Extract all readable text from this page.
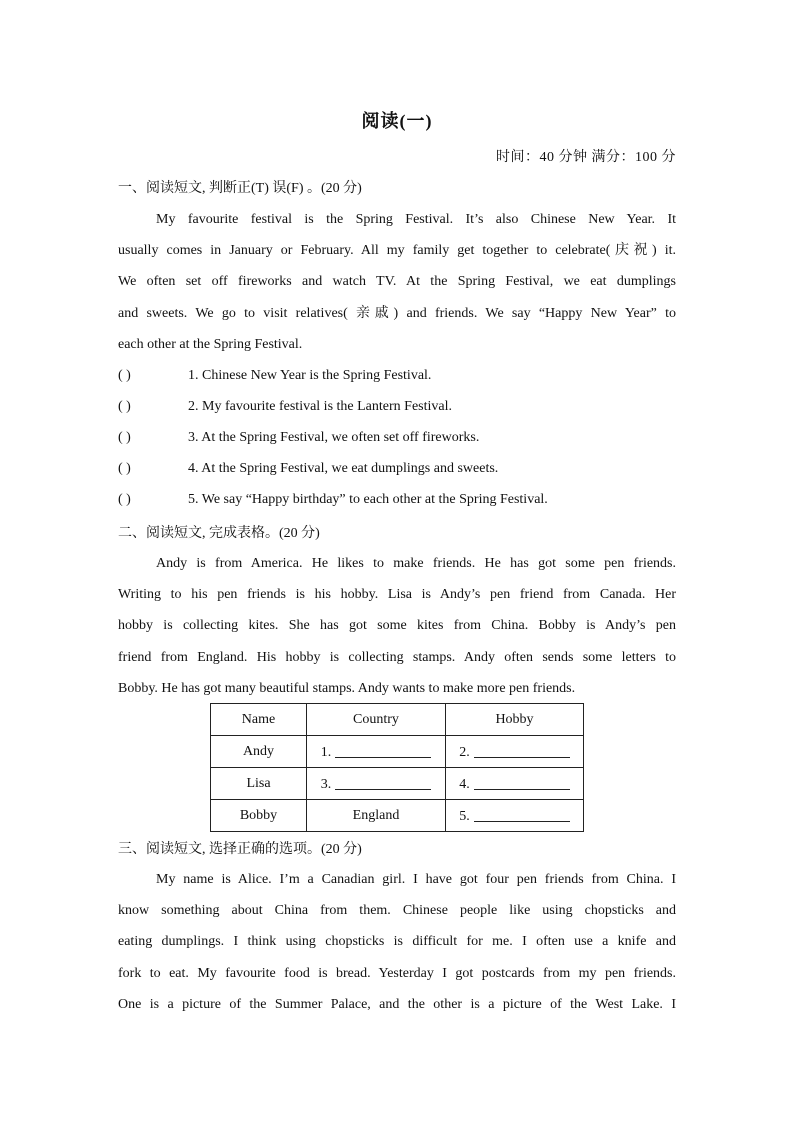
阅读(一)
时间：40 分钟 满分：100 分
一、阅读短文, 判断正(T) 误(F) 。(20 分)
My favourite festival is the Spring Festival. It’s also Chinese New Year. It
usually comes in January or February. All my family get together to celebrate(庆祝) it.
We often set off fireworks and watch TV. At the Spring Festival, we eat dumplings
and sweets. We go to visit relatives( 亲戚) and friends. We say “Happy New Year” to
each other at the Spring Festival.
( )	1. Chinese New Year is the Spring Festival.
( )	2. My favourite festival is the Lantern Festival.
( )	3. At the Spring Festival, we often set off fireworks.
( )	4. At the Spring Festival, we eat dumplings and sweets.
( )	5. We say “Happy birthday” to each other at the Spring Festival.
二、阅读短文, 完成表格。(20 分)
Andy is from America. He likes to make friends. He has got some pen friends.
Writing to his pen friends is his hobby. Lisa is Andy’s pen friend from Canada. Her
hobby is collecting kites. She has got some kites from China. Bobby is Andy’s pen
friend from England. His hobby is collecting stamps. Andy often sends some letters to
Bobby. He has got many beautiful stamps. Andy wants to make more pen friends.
Name	Country	Hobby
Andy	1.	2.
Lisa	3.	4.
Bobby	England	5.
三、阅读短文, 选择正确的选项。(20 分)
My name is Alice. I’m a Canadian girl. I have got four pen friends from China. I
know something about China from them. Chinese people like using chopsticks and
eating dumplings. I think using chopsticks is difficult for me. I often use a knife and
fork to eat. My favourite food is bread. Yesterday I got postcards from my pen friends.
One is a picture of the Summer Palace, and the other is a picture of the West Lake. I
